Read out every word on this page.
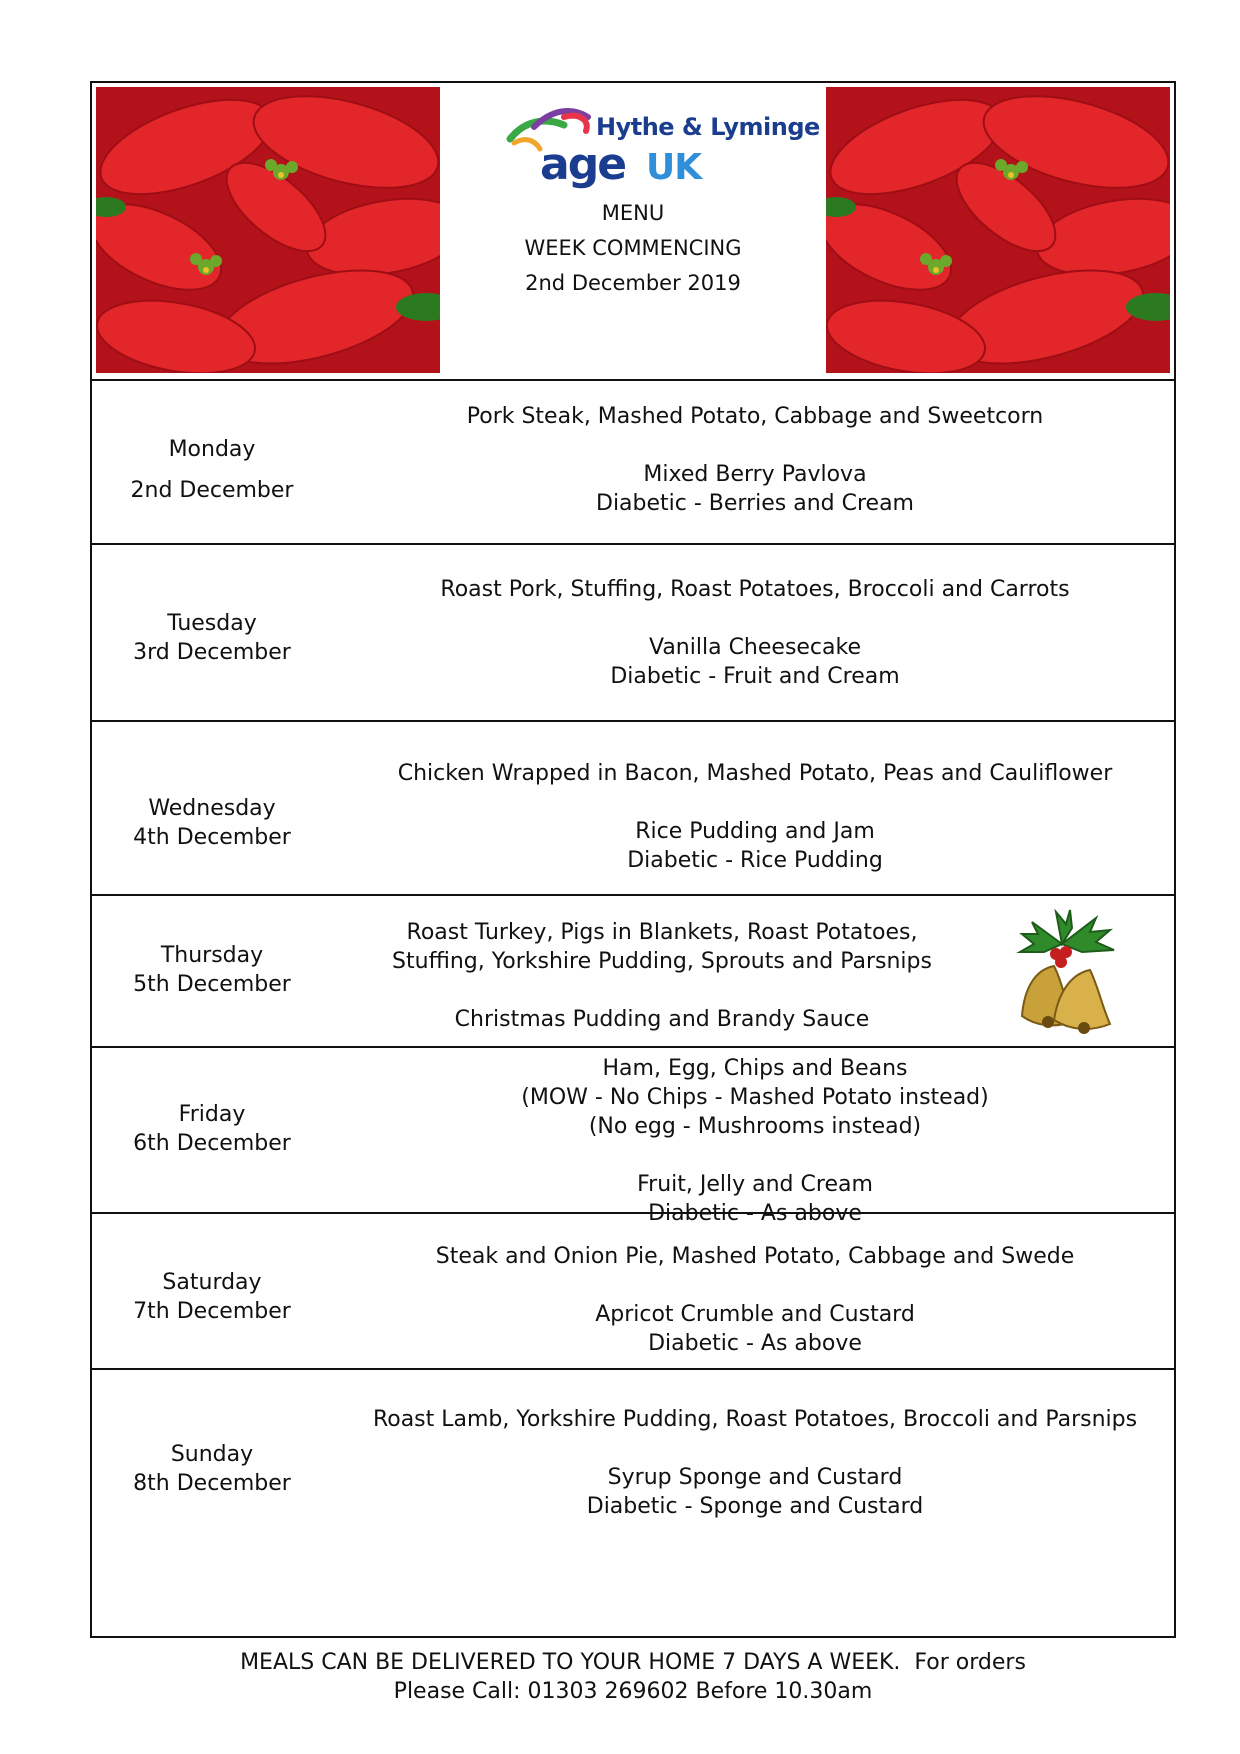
Hythe & Lyminge
age UK
MENU
WEEK COMMENCING
2nd December 2019
Monday
2nd December
Pork Steak, Mashed Potato, Cabbage and Sweetcorn
Mixed Berry Pavlova
Diabetic - Berries and Cream
Tuesday
3rd December
Roast Pork, Stuffing, Roast Potatoes, Broccoli and Carrots
Vanilla Cheesecake
Diabetic - Fruit and Cream
Wednesday
4th December
Chicken Wrapped in Bacon, Mashed Potato, Peas and Cauliflower
Rice Pudding and Jam
Diabetic - Rice Pudding
Thursday
5th December
Roast Turkey, Pigs in Blankets, Roast Potatoes,
Stuffing, Yorkshire Pudding, Sprouts and Parsnips
Christmas Pudding and Brandy Sauce
Friday
6th December
Ham, Egg, Chips and Beans
(MOW - No Chips - Mashed Potato instead)
(No egg - Mushrooms instead)
Fruit, Jelly and Cream
Diabetic - As above
Saturday
7th December
Steak and Onion Pie, Mashed Potato, Cabbage and Swede
Apricot Crumble and Custard
Diabetic - As above
Sunday
8th December
Roast Lamb, Yorkshire Pudding, Roast Potatoes, Broccoli and Parsnips
Syrup Sponge and Custard
Diabetic - Sponge and Custard
MEALS CAN BE DELIVERED TO YOUR HOME 7 DAYS A WEEK.  For orders
Please Call: 01303 269602 Before 10.30am
